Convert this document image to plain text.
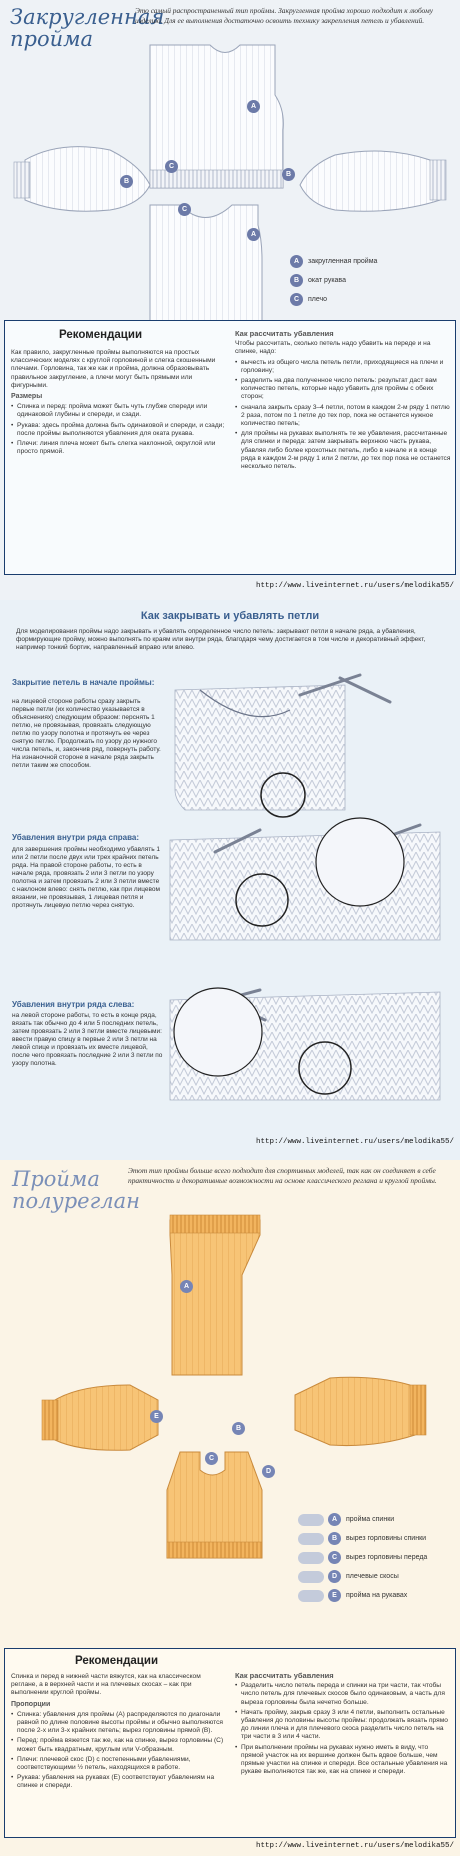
Закругленная
пройма
Это самый распространенный тип проймы. Закругленная пройма хорошо подходит к любому изделию. Для ее выполнения достаточно освоить технику закрепления петель и убавлений.
A
B
C
B
C
A
A	закругленная пройма
B	окат рукава
C	плечо
Рекомендации

Как правило, закругленные проймы выполняются на простых классических моделях с круглой горловиной и слегка скошенными плечами. Горловина, так же как и пройма, должна образовывать правильное закругление, а плечи могут быть прямыми или фигурными.

Размеры

• Спинка и перед: пройма может быть чуть глубже спереди или одинаковой глубины и спереди, и сзади.

• Рукава: здесь пройма должна быть одинаковой и спереди, и сзади; после проймы выполняются убавления для оката рукава.

• Плечи: линия плеча может быть слегка наклонной, округлой или просто прямой.

Как рассчитать убавления

Чтобы рассчитать, сколько петель надо убавить на переде и на спинке, надо:

• вычесть из общего числа петель петли, приходящиеся на плечи и горловину;

• разделить на два полученное число петель: результат даст вам количество петель, которые надо убавить для проймы с обеих сторон;

• сначала закрыть сразу 3–4 петли, потом в каждом 2-м ряду 1 петлю 2 раза, потом по 1 петле до тех пор, пока не останется нужное количество петель;

• для проймы на рукавах выполнять те же убавления, рассчитанные для спинки и переда: затем закрывать верхнюю часть рукава, убавляя либо более крохотных петель, либо в начале и в конце ряда в каждом 2-м ряду 1 или 2 петли, до тех пор пока не останется несколько петель.

http://www.liveinternet.ru/users/melodika55/
Как закрывать и убавлять петли
Для моделирования проймы надо закрывать и убавлять определенное число петель: закрывают петли в начале ряда, а убавления, формирующие пройму, можно выполнять по краям или внутри ряда, благодаря чему достигается в том числе и декоративный эффект, например тонкий бортик, направленный вправо или влево.
Закрытие петель в начале проймы:
на лицевой стороне работы сразу закрыть первые петли (их количество указывается в объяснениях) следующим образом: перснять 1 петлю, не провязывая, провязать следующую петлю по узору полотна и протянуть ее через снятую петлю. Продолжать по узору до нужного числа петель, и, закончив ряд, повернуть работу. На изнаночной стороне в начале ряда закрыть петли таким же способом.
Убавления внутри ряда справа:
для завершения проймы необходимо убавлять 1 или 2 петли после двух или трех крайних петель ряда. На правой стороне работы, то есть в начале ряда, провязать 2 или 3 петли по узору полотна и затем провязать 2 или 3 петли вместе с наклоном влево: снять петлю, как при лицевом вязании, не провязывая, 1 лицевая петля и протянуть лицевую петлю через снятую.
Убавления внутри ряда слева:
на левой стороне работы, то есть в конце ряда, вязать так обычно до 4 или 5 последних петель, затем провязать 2 или 3 петли вместе лицевыми: ввести правую спицу в первые 2 или 3 петли на левой спице и провязать их вместе лицевой, после чего провязать последние 2 или 3 петли по узору полотна.
http://www.liveinternet.ru/users/melodika55/
Пройма
полуреглан
Этот тип проймы больше всего подходит для спортивных моделей, так как он соединяет в себе практичность и декоративные возможности на основе классического реглана и круглой проймы.
A
E
C
B
D
A	пройма спинки
B	вырез горловины спинки
C	вырез горловины переда
D	плечевые скосы
E	пройма на рукавах
Рекомендации

Спинка и перед в нижней части вяжутся, как на классическом реглане, а в верхней части и на плечевых скосах – как при выполнении круглой проймы.

Пропорции

• Спинка: убавления для проймы (A) распределяются по диагонали равной по длине половине высоты проймы и обычно выполняются после 2-х или 3-х крайних петель; вырез горловины прямой (B).

• Перед: пройма вяжется так же, как на спинке, вырез горловины (C) может быть квадратным, круглым или V-образным.

• Плечи: плечевой скос (D) с постепенными убавлениями, соответствующими ½ петель, находящихся в работе.

• Рукава: убавления на рукавах (E) соответствуют убавлениям на спинке и спереди.

Как рассчитать убавления

• Разделить число петель переда и спинки на три части, так чтобы число петель для плечевых скосов было одинаковым, а часть для выреза горловины была нечетно больше.

• Начать пройму, закрыв сразу 3 или 4 петли, выполнить остальные убавления до половины высоты проймы: продолжать вязать прямо до линии плеча и для плечевого скоса разделить число петель на три части в 3 или 4 части.

• При выполнении проймы на рукавах нужно иметь в виду, что прямой участок на их вершине должен быть вдвое больше, чем прямые участки на спинке и спереди. Все остальные убавления на рукаве выполняются так же, как на спинке и спереди.

http://www.liveinternet.ru/users/melodika55/
